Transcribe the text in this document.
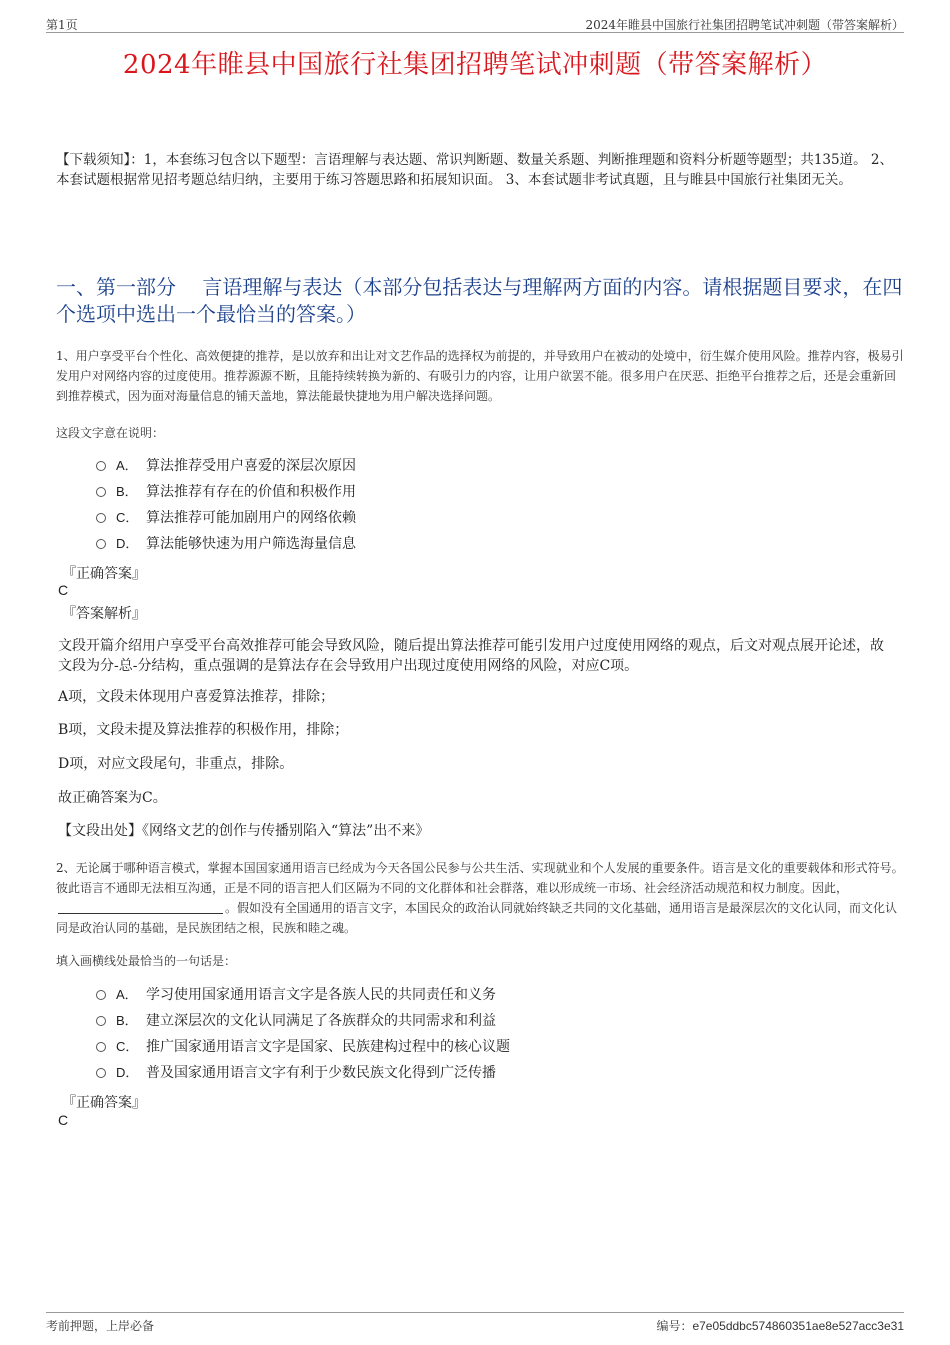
第1页	2024年睢县中国旅行社集团招聘笔试冲刺题（带答案解析）
2024年睢县中国旅行社集团招聘笔试冲刺题（带答案解析）
【下载须知】：1，本套练习包含以下题型：言语理解与表达题、常识判断题、数量关系题、判断推理题和资料分析题等题型；共135道。 2、本套试题根据常见招考题总结归纳，主要用于练习答题思路和拓展知识面。 3、本套试题非考试真题，且与睢县中国旅行社集团无关。
一、第一部分　 言语理解与表达（本部分包括表达与理解两方面的内容。请根据题目要求，在四个选项中选出一个最恰当的答案。）
1、用户享受平台个性化、高效便捷的推荐，是以放弃和出让对文艺作品的选择权为前提的，并导致用户在被动的处境中，衍生媒介使用风险。推荐内容，极易引发用户对网络内容的过度使用。推荐源源不断，且能持续转换为新的、有吸引力的内容，让用户欲罢不能。很多用户在厌恶、拒绝平台推荐之后，还是会重新回到推荐模式，因为面对海量信息的铺天盖地，算法能最快捷地为用户解决选择问题。
这段文字意在说明：
A． 算法推荐受用户喜爱的深层次原因
B． 算法推荐有存在的价值和积极作用
C． 算法推荐可能加剧用户的网络依赖
D． 算法能够快速为用户筛选海量信息
『正确答案』
C
『答案解析』
文段开篇介绍用户享受平台高效推荐可能会导致风险，随后提出算法推荐可能引发用户过度使用网络的观点，后文对观点展开论述，故文段为分-总-分结构，重点强调的是算法存在会导致用户出现过度使用网络的风险，对应C项。
A项，文段未体现用户喜爱算法推荐，排除；
B项，文段未提及算法推荐的积极作用，排除；
D项，对应文段尾句，非重点，排除。
故正确答案为C。
【文段出处】《网络文艺的创作与传播别陷入“算法”出不来》
2、无论属于哪种语言模式，掌握本国国家通用语言已经成为今天各国公民参与公共生活、实现就业和个人发展的重要条件。语言是文化的重要载体和形式符号。彼此语言不通即无法相互沟通，正是不同的语言把人们区隔为不同的文化群体和社会群落，难以形成统一市场、社会经济活动规范和权力制度。因此，。假如没有全国通用的语言文字，本国民众的政治认同就始终缺乏共同的文化基础，通用语言是最深层次的文化认同，而文化认同是政治认同的基础，是民族团结之根，民族和睦之魂。
填入画横线处最恰当的一句话是：
A． 学习使用国家通用语言文字是各族人民的共同责任和义务
B． 建立深层次的文化认同满足了各族群众的共同需求和利益
C． 推广国家通用语言文字是国家、民族建构过程中的核心议题
D． 普及国家通用语言文字有利于少数民族文化得到广泛传播
『正确答案』
C
考前押题，上岸必备	编号：e7e05ddbc574860351ae8e527acc3e31
